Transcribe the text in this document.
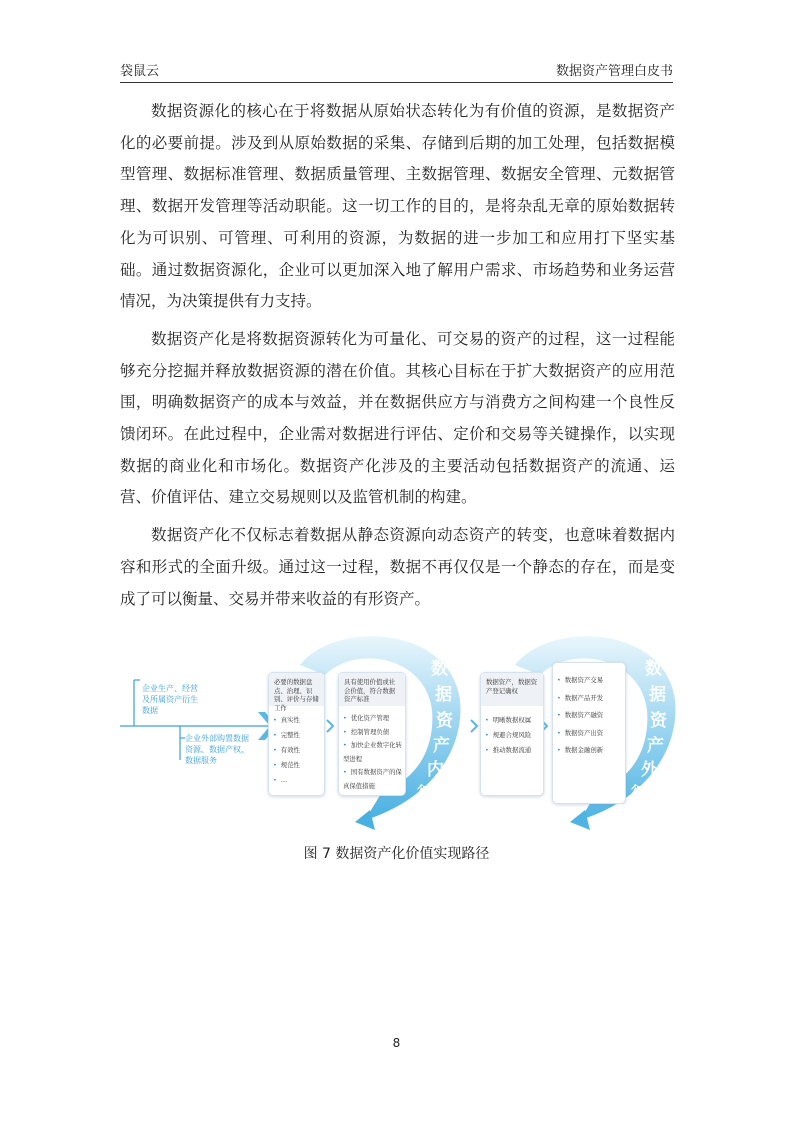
袋鼠云	数据资产管理白皮书

数据资源化的核心在于将数据从原始状态转化为有价值的资源，是数据资产化的必要前提。涉及到从原始数据的采集、存储到后期的加工处理，包括数据模型管理、数据标准管理、数据质量管理、主数据管理、数据安全管理、元数据管理、数据开发管理等活动职能。这一切工作的目的，是将杂乱无章的原始数据转化为可识别、可管理、可利用的资源，为数据的进一步加工和应用打下坚实基础。通过数据资源化，企业可以更加深入地了解用户需求、市场趋势和业务运营情况，为决策提供有力支持。

数据资产化是将数据资源转化为可量化、可交易的资产的过程，这一过程能够充分挖掘并释放数据资源的潜在价值。其核心目标在于扩大数据资产的应用范围，明确数据资产的成本与效益，并在数据供应方与消费方之间构建一个良性反馈闭环。在此过程中，企业需对数据进行评估、定价和交易等关键操作，以实现数据的商业化和市场化。数据资产化涉及的主要活动包括数据资产的流通、运营、价值评估、建立交易规则以及监管机制的构建。

数据资产化不仅标志着数据从静态资源向动态资产的转变，也意味着数据内容和形式的全面升级。通过这一过程，数据不再仅仅是一个静态的存在，而是变成了可以衡量、交易并带来收益的有形资产。

企业生产、经营及所属资产衍生数据
企业外部购置数据资源、数据产权、数据服务
必要的数据盘点、治理、识别、评价与存储工作
• 真实性
• 完整性
• 有效性
• 规范性
• …
具有使用价值或社会价值，符合数据资产标准
• 优化资产管理
• 控制管理负债
• 加快企业数字化转型进程
• 国有数据资产的保真保值措施
数据资产，数据资产登记确权
• 明晰数据权属
• 规避合规风险
• 推动数据流通
• 数据资产交易
• 数据产品开发
• 数据资产融资
• 数据资产出资
• 数据金融创新
数
据
资
产
内
循
环
数
据
资
产
外
循
环
图 7 数据资产化价值实现路径
8
